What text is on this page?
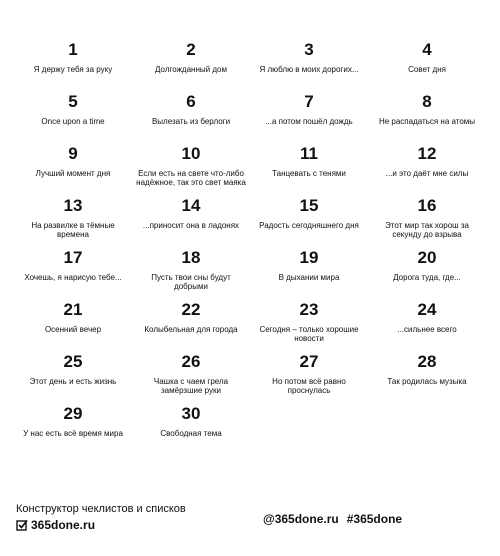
1
Я держу тебя за руку
2
Долгожданный дом
3
Я люблю в моих дорогих...
4
Совет дня
5
Once upon a time
6
Вылезать из берлоги
7
...а потом пошёл дождь
8
Не распадаться на атомы
9
Лучший момент дня
10
Если есть на свете что-либо надёжное, так это свет маяка
11
Танцевать с тенями
12
...и это даёт мне силы
13
На развилке в тёмные времена
14
...приносит она в ладонях
15
Радость сегодняшнего дня
16
Этот мир так хорош за секунду до взрыва
17
Хочешь, я нарисую тебе...
18
Пусть твои сны будут добрыми
19
В дыхании мира
20
Дорога туда, где...
21
Осенний вечер
22
Колыбельная для города
23
Сегодня – только хорошие новости
24
...сильнее всего
25
Этот день и есть жизнь
26
Чашка с чаем грела замёрзшие руки
27
Но потом всё равно проснулась
28
Так родилась музыка
29
У нас есть всё время мира
30
Свободная тема
Конструктор чеклистов и списков
365done.ru	@365done.ru #365done
